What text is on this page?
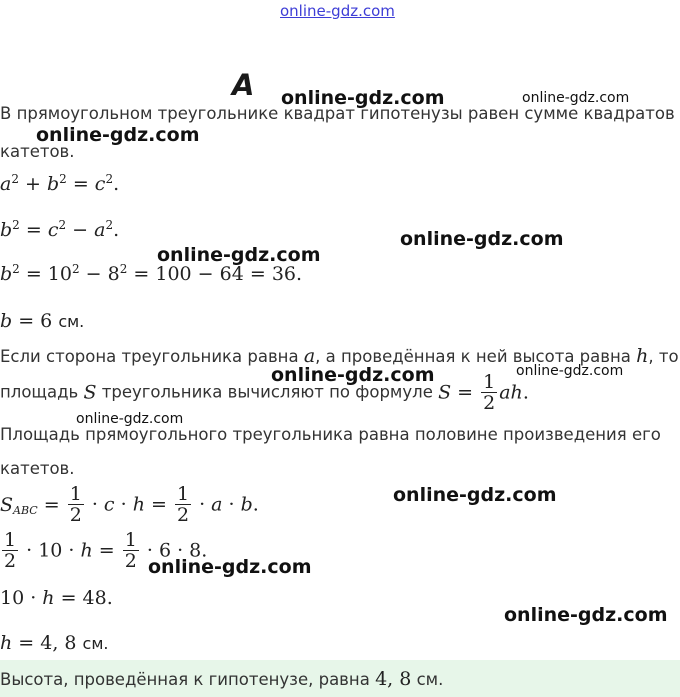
online-gdz.com
А
В прямоугольном треугольнике квадрат гипотенузы равен сумме квадратов
катетов.
$a^2 + b^2 = c^2$.
$b^2 = c^2 - a^2$.
$b^2 = 10^2 - 8^2 = 100 - 64 = 36$.
b = 6 см.
Если сторона треугольника равна a, а проведённая к ней высота равна h, то
площадь S треугольника вычисляют по формуле $S = \frac{1}{2}$ ah.
Площадь прямоугольного треугольника равна половине произведения его
катетов.
$S_{ABC} = \frac{1}{2} \cdot c \cdot h = \frac{1}{2} \cdot a \cdot b$.
$\frac{1}{2} \cdot 10 \cdot h = \frac{1}{2} \cdot 6 \cdot 8$.
10 · h = 48.
h = 4, 8 см.
Высота, проведённая к гипотенузе, равна 4, 8 см.
online-gdz.com	online-gdz.com
online-gdz.com
online-gdz.com
online-gdz.com
online-gdz.com	online-gdz.com
online-gdz.com
online-gdz.com
online-gdz.com
online-gdz.com
